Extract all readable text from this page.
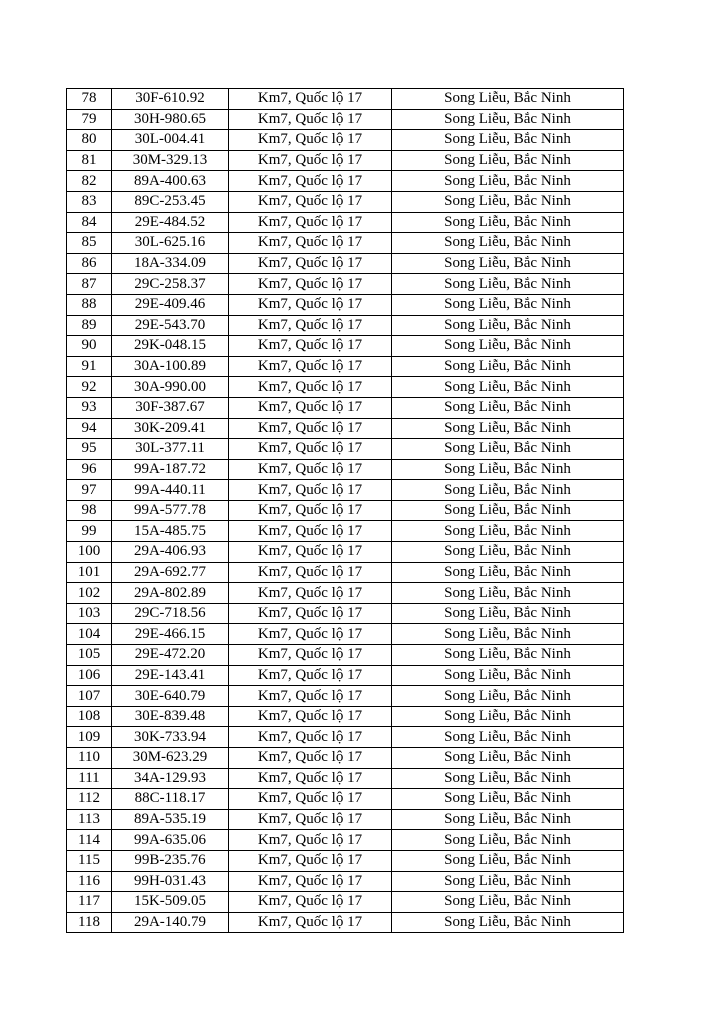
78	30F-610.92	Km7, Quốc lộ 17	Song Liễu, Bắc Ninh
79	30H-980.65	Km7, Quốc lộ 17	Song Liễu, Bắc Ninh
80	30L-004.41	Km7, Quốc lộ 17	Song Liễu, Bắc Ninh
81	30M-329.13	Km7, Quốc lộ 17	Song Liễu, Bắc Ninh
82	89A-400.63	Km7, Quốc lộ 17	Song Liễu, Bắc Ninh
83	89C-253.45	Km7, Quốc lộ 17	Song Liễu, Bắc Ninh
84	29E-484.52	Km7, Quốc lộ 17	Song Liễu, Bắc Ninh
85	30L-625.16	Km7, Quốc lộ 17	Song Liễu, Bắc Ninh
86	18A-334.09	Km7, Quốc lộ 17	Song Liễu, Bắc Ninh
87	29C-258.37	Km7, Quốc lộ 17	Song Liễu, Bắc Ninh
88	29E-409.46	Km7, Quốc lộ 17	Song Liễu, Bắc Ninh
89	29E-543.70	Km7, Quốc lộ 17	Song Liễu, Bắc Ninh
90	29K-048.15	Km7, Quốc lộ 17	Song Liễu, Bắc Ninh
91	30A-100.89	Km7, Quốc lộ 17	Song Liễu, Bắc Ninh
92	30A-990.00	Km7, Quốc lộ 17	Song Liễu, Bắc Ninh
93	30F-387.67	Km7, Quốc lộ 17	Song Liễu, Bắc Ninh
94	30K-209.41	Km7, Quốc lộ 17	Song Liễu, Bắc Ninh
95	30L-377.11	Km7, Quốc lộ 17	Song Liễu, Bắc Ninh
96	99A-187.72	Km7, Quốc lộ 17	Song Liễu, Bắc Ninh
97	99A-440.11	Km7, Quốc lộ 17	Song Liễu, Bắc Ninh
98	99A-577.78	Km7, Quốc lộ 17	Song Liễu, Bắc Ninh
99	15A-485.75	Km7, Quốc lộ 17	Song Liễu, Bắc Ninh
100	29A-406.93	Km7, Quốc lộ 17	Song Liễu, Bắc Ninh
101	29A-692.77	Km7, Quốc lộ 17	Song Liễu, Bắc Ninh
102	29A-802.89	Km7, Quốc lộ 17	Song Liễu, Bắc Ninh
103	29C-718.56	Km7, Quốc lộ 17	Song Liễu, Bắc Ninh
104	29E-466.15	Km7, Quốc lộ 17	Song Liễu, Bắc Ninh
105	29E-472.20	Km7, Quốc lộ 17	Song Liễu, Bắc Ninh
106	29E-143.41	Km7, Quốc lộ 17	Song Liễu, Bắc Ninh
107	30E-640.79	Km7, Quốc lộ 17	Song Liễu, Bắc Ninh
108	30E-839.48	Km7, Quốc lộ 17	Song Liễu, Bắc Ninh
109	30K-733.94	Km7, Quốc lộ 17	Song Liễu, Bắc Ninh
110	30M-623.29	Km7, Quốc lộ 17	Song Liễu, Bắc Ninh
111	34A-129.93	Km7, Quốc lộ 17	Song Liễu, Bắc Ninh
112	88C-118.17	Km7, Quốc lộ 17	Song Liễu, Bắc Ninh
113	89A-535.19	Km7, Quốc lộ 17	Song Liễu, Bắc Ninh
114	99A-635.06	Km7, Quốc lộ 17	Song Liễu, Bắc Ninh
115	99B-235.76	Km7, Quốc lộ 17	Song Liễu, Bắc Ninh
116	99H-031.43	Km7, Quốc lộ 17	Song Liễu, Bắc Ninh
117	15K-509.05	Km7, Quốc lộ 17	Song Liễu, Bắc Ninh
118	29A-140.79	Km7, Quốc lộ 17	Song Liễu, Bắc Ninh
